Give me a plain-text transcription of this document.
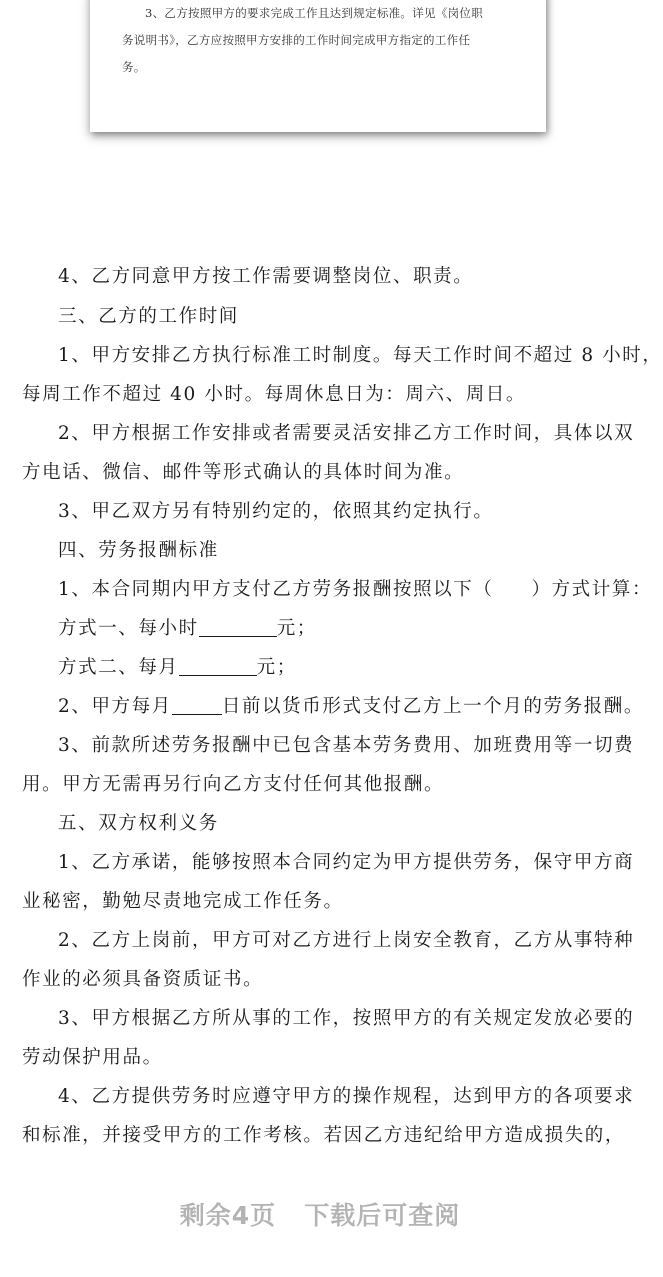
3、乙方按照甲方的要求完成工作且达到规定标准。详见《岗位职

务说明书》，乙方应按照甲方安排的工作时间完成甲方指定的工作任

务。

4、乙方同意甲方按工作需要调整岗位、职责。

三、乙方的工作时间

1、甲方安排乙方执行标准工时制度。每天工作时间不超过 8 小时，

每周工作不超过 40 小时。每周休息日为：周六、周日。

2、甲方根据工作安排或者需要灵活安排乙方工作时间，具体以双

方电话、微信、邮件等形式确认的具体时间为准。

3、甲乙双方另有特别约定的，依照其约定执行。

四、劳务报酬标准

1、本合同期内甲方支付乙方劳务报酬按照以下（ ）方式计算：

方式一、每小时	元；

方式二、每月	元；

2、甲方每月	日前以货币形式支付乙方上一个月的劳务报酬。

3、前款所述劳务报酬中已包含基本劳务费用、加班费用等一切费

用。甲方无需再另行向乙方支付任何其他报酬。

五、双方权利义务

1、乙方承诺，能够按照本合同约定为甲方提供劳务，保守甲方商

业秘密，勤勉尽责地完成工作任务。

2、乙方上岗前，甲方可对乙方进行上岗安全教育，乙方从事特种

作业的必须具备资质证书。

3、甲方根据乙方所从事的工作，按照甲方的有关规定发放必要的

劳动保护用品。

4、乙方提供劳务时应遵守甲方的操作规程，达到甲方的各项要求

和标准，并接受甲方的工作考核。若因乙方违纪给甲方造成损失的，

剩余4页 下载后可查阅
